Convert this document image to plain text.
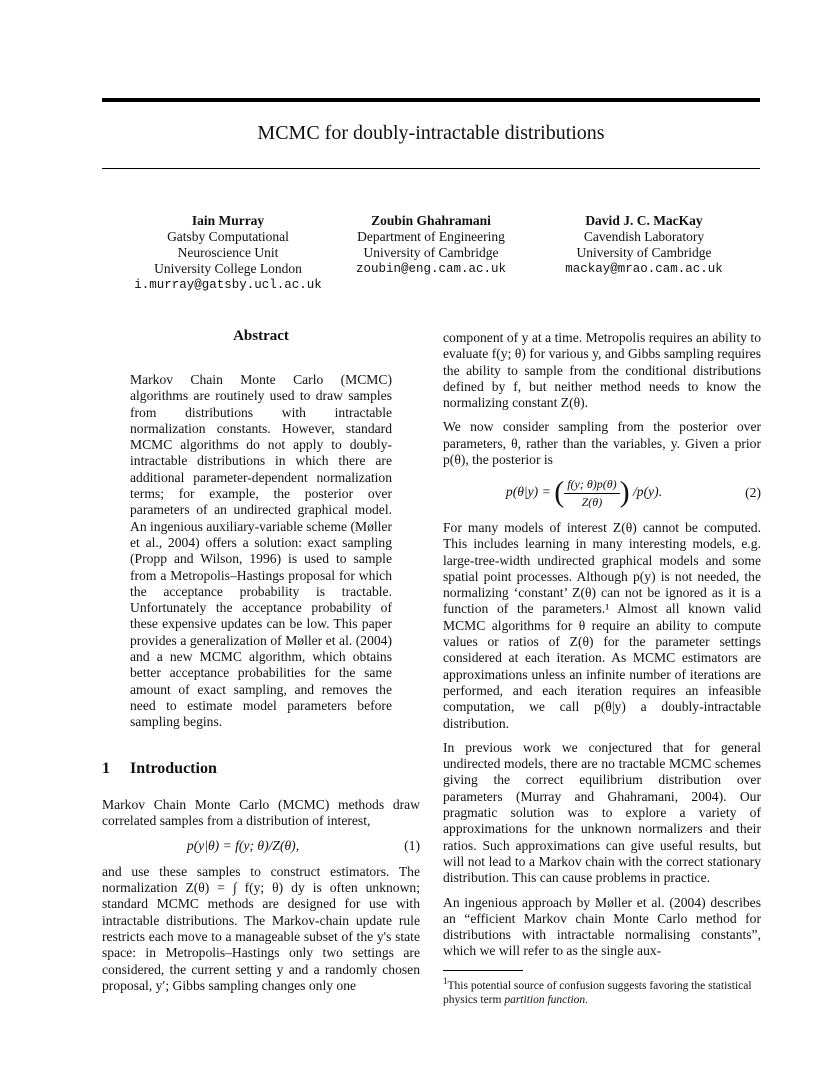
MCMC for doubly-intractable distributions
Iain Murray
Gatsby Computational
Neuroscience Unit
University College London
i.murray@gatsby.ucl.ac.uk
Zoubin Ghahramani
Department of Engineering
University of Cambridge
zoubin@eng.cam.ac.uk
David J. C. MacKay
Cavendish Laboratory
University of Cambridge
mackay@mrao.cam.ac.uk
Abstract

Markov Chain Monte Carlo (MCMC) algorithms are routinely used to draw samples from distributions with intractable normalization constants. However, standard MCMC algorithms do not apply to doubly-intractable distributions in which there are additional parameter-dependent normalization terms; for example, the posterior over parameters of an undirected graphical model. An ingenious auxiliary-variable scheme (Møller et al., 2004) offers a solution: exact sampling (Propp and Wilson, 1996) is used to sample from a Metropolis–Hastings proposal for which the acceptance probability is tractable. Unfortunately the acceptance probability of these expensive updates can be low. This paper provides a generalization of Møller et al. (2004) and a new MCMC algorithm, which obtains better acceptance probabilities for the same amount of exact sampling, and removes the need to estimate model parameters before sampling begins.

1 Introduction

Markov Chain Monte Carlo (MCMC) methods draw correlated samples from a distribution of interest,

p(y|θ) = f(y; θ)/Z(θ),	(1)

and use these samples to construct estimators. The normalization Z(θ) = ∫ f(y; θ) dy is often unknown; standard MCMC methods are designed for use with intractable distributions. The Markov-chain update rule restricts each move to a manageable subset of the y's state space: in Metropolis–Hastings only two settings are considered, the current setting y and a randomly chosen proposal, y′; Gibbs sampling changes only one

component of y at a time. Metropolis requires an ability to evaluate f(y; θ) for various y, and Gibbs sampling requires the ability to sample from the conditional distributions defined by f, but neither method needs to know the normalizing constant Z(θ).

We now consider sampling from the posterior over parameters, θ, rather than the variables, y. Given a prior p(θ), the posterior is

p(θ|y) = ( $\frac{f(y; \theta)p(\theta)}{Z(\theta)}$ ) /p(y).	(2)

For many models of interest Z(θ) cannot be computed. This includes learning in many interesting models, e.g. large-tree-width undirected graphical models and some spatial point processes. Although p(y) is not needed, the normalizing ‘constant’ Z(θ) can not be ignored as it is a function of the parameters.¹ Almost all known valid MCMC algorithms for θ require an ability to compute values or ratios of Z(θ) for the parameter settings considered at each iteration. As MCMC estimators are approximations unless an infinite number of iterations are performed, and each iteration requires an infeasible computation, we call p(θ|y) a doubly-intractable distribution.

In previous work we conjectured that for general undirected models, there are no tractable MCMC schemes giving the correct equilibrium distribution over parameters (Murray and Ghahramani, 2004). Our pragmatic solution was to explore a variety of approximations for the unknown normalizers and their ratios. Such approximations can give useful results, but will not lead to a Markov chain with the correct stationary distribution. This can cause problems in practice.

An ingenious approach by Møller et al. (2004) describes an “efficient Markov chain Monte Carlo method for distributions with intractable normalising constants”, which we will refer to as the single aux-

$^1$This potential source of confusion suggests favoring the statistical physics term partition function.
